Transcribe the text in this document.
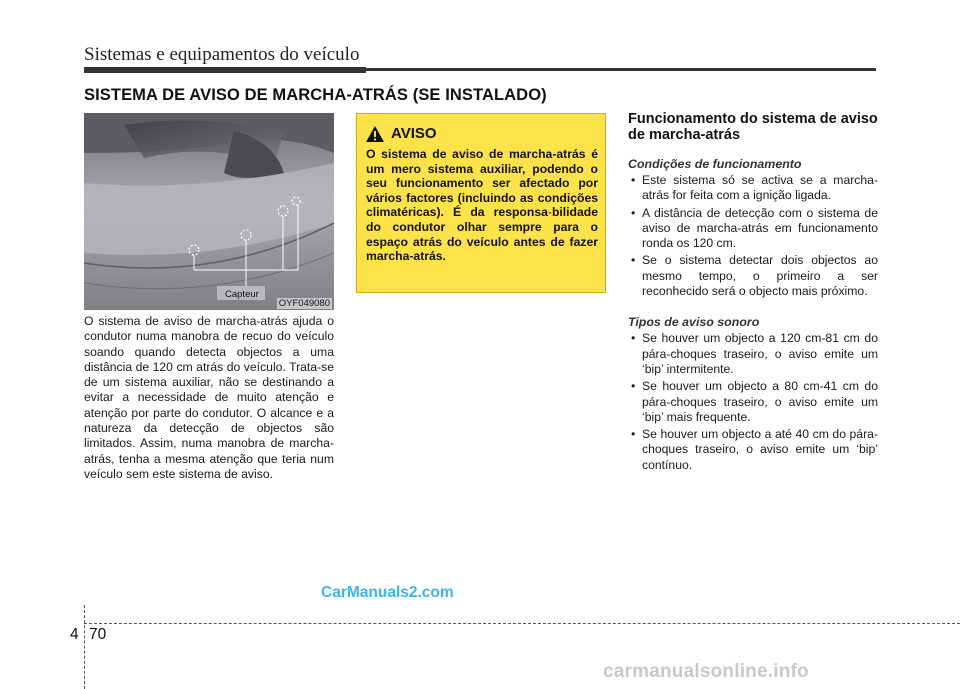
Sistemas e equipamentos do veículo
SISTEMA DE AVISO DE MARCHA-ATRÁS (SE INSTALADO)
Capteur
OYF049080
O sistema de aviso de marcha-atrás ajuda o condutor numa manobra de recuo do veículo soando quando detecta objectos a uma distância de 120 cm atrás do veículo. Trata-se de um sistema auxiliar, não se destinando a evitar a necessidade de muito atenção e atenção por parte do condutor. O alcance e a natureza da detecção de objectos são limitados. Assim, numa manobra de marcha-atrás, tenha a mesma atenção que teria num veículo sem este sistema de aviso.
AVISO
O sistema de aviso de marcha-atrás é um mero sistema auxiliar, podendo o seu funcionamento ser afectado por vários factores (incluindo as condições climatéricas). É da responsa-bilidade do condutor olhar sempre para o espaço atrás do veículo antes de fazer marcha-atrás.
Funcionamento do sistema de aviso de marcha-atrás
Condições de funcionamento
• Este sistema só se activa se a marcha-atrás for feita com a ignição ligada.
• A distância de detecção com o sistema de aviso de marcha-atrás em funcionamento ronda os 120 cm.
• Se o sistema detectar dois objectos ao mesmo tempo, o primeiro a ser reconhecido será o objecto mais próximo.
Tipos de aviso sonoro
• Se houver um objecto a 120 cm-81 cm do pára-choques traseiro, o aviso emite um ‘bip’ intermitente.
• Se houver um objecto a 80 cm-41 cm do pára-choques traseiro, o aviso emite um ‘bip’ mais frequente.
• Se houver um objecto a até 40 cm do pára-choques traseiro, o aviso emite um ‘bip’ contínuo.
CarManuals2.com
4 70
carmanualsonline.info
